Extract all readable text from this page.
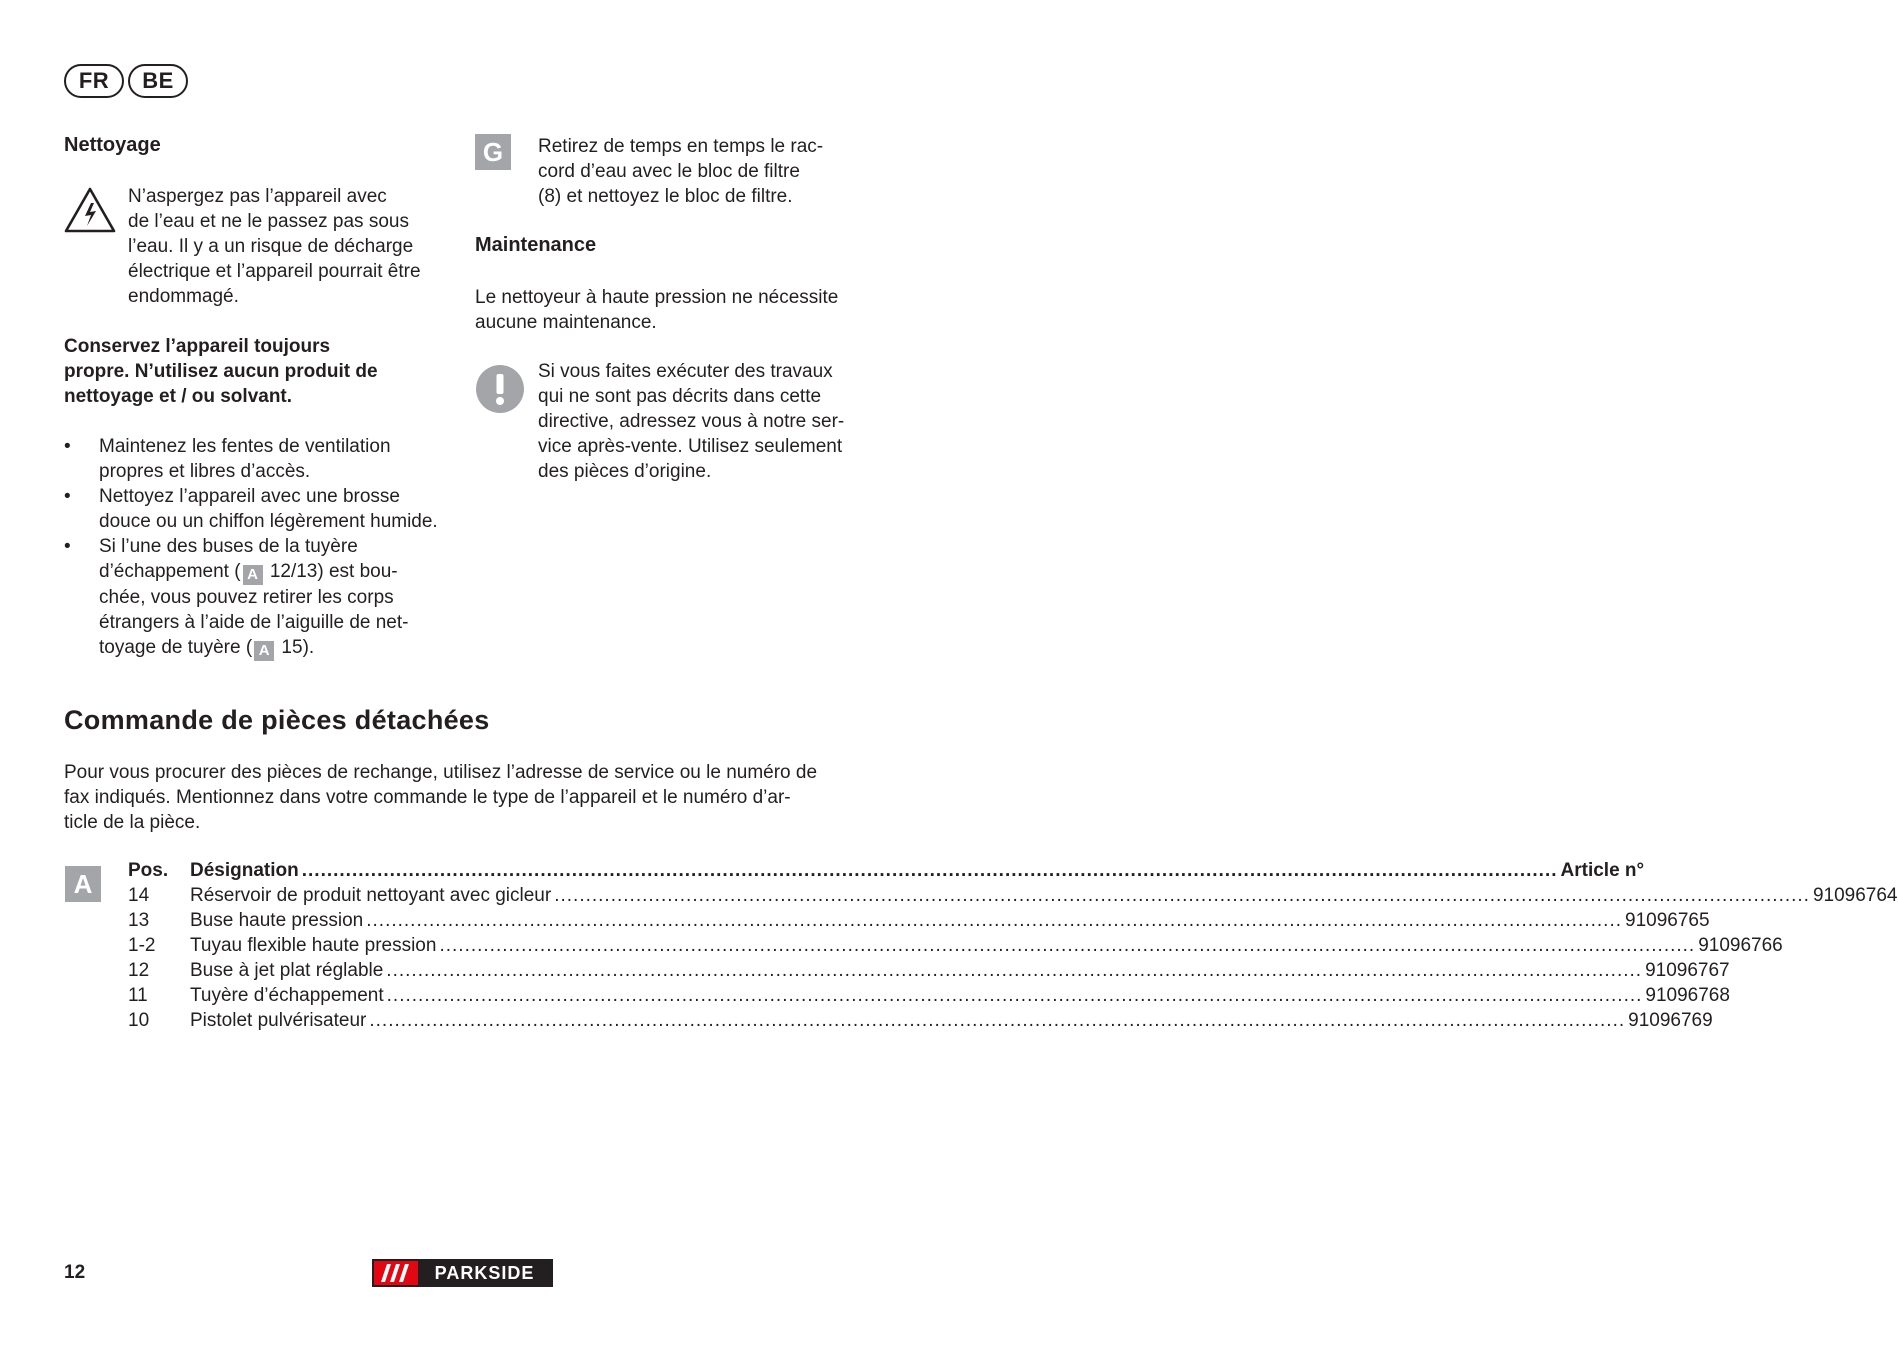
FR	BE
Nettoyage
N’aspergez pas l’appareil avec
de l’eau et ne le passez pas sous
l’eau. Il y a un risque de décharge
électrique et l’appareil pourrait être
endommagé.
Conservez l’appareil toujours
propre. N’utilisez aucun produit de
nettoyage et / ou solvant.
• Maintenez les fentes de ventilation
propres et libres d’accès.
• Nettoyez l’appareil avec une brosse
douce ou un chiffon légèrement humide.
• Si l’une des buses de la tuyère
d’échappement ( A 12/13) est bou-
chée, vous pouvez retirer les corps
étrangers à l’aide de l’aiguille de net-
toyage de tuyère ( A 15).
G	Retirez de temps en temps le rac-
cord d’eau avec le bloc de filtre
(8) et nettoyez le bloc de filtre.
Maintenance
Le nettoyeur à haute pression ne nécessite
aucune maintenance.
Si vous faites exécuter des travaux
qui ne sont pas décrits dans cette
directive, adressez vous à notre ser-
vice après-vente. Utilisez seulement
des pièces d’origine.
Commande de pièces détachées
Pour vous procurer des pièces de rechange, utilisez l’adresse de service ou le numéro de
fax indiqués. Mentionnez dans votre commande le type de l’appareil et le numéro d’ar-
ticle de la pièce.
A	Pos.	Désignation ........................................................................................................................................................................................................ Article n°
14	Réservoir de produit nettoyant avec gicleur ........................................................................................................................................................................................................ 91096764
13	Buse haute pression ........................................................................................................................................................................................................ 91096765
1-2	Tuyau flexible haute pression ........................................................................................................................................................................................................ 91096766
12	Buse à jet plat réglable ........................................................................................................................................................................................................ 91096767
11	Tuyère d’échappement ........................................................................................................................................................................................................ 91096768
10	Pistolet pulvérisateur ........................................................................................................................................................................................................ 91096769
12	PARKSIDE
